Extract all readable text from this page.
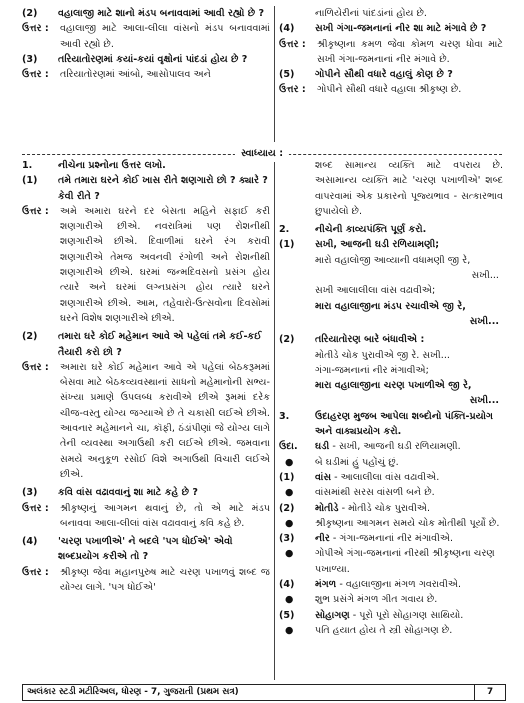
(2)	વહાલાજી માટે શાનો મંડપ બનાવવામાં આવી રહ્યો છે ?
ઉત્તર :	વહાલાજી માટે આલા-લીલા વાંસનો મંડપ બનાવવામાં આવી રહ્યો છે.
(3)	તરિયાતોરણમાં કયાં-કયાં વૃક્ષોનાં પાંદડાં હોય છે ?
ઉત્તર :	તરિયાતોરણમાં આંબો, આસોપાલવ અને
નાળિયેરીનાં પાંદડાંનાં હોય છે.
(4)	સખી ગંગા-જમનાનાં નીર શા માટે મંગાવે છે ?
ઉત્તર :	શ્રીકૃષ્ણના કમળ જેવા કોમળ ચરણ ધોવા માટે સખી ગંગા-જમનાનાં નીર મંગાવે છે.
(5)	ગોપીને સૌથી વધારે વહાલું કોણ છે ?
ઉત્તર :	ગોપીને સૌથી વધારે વહાલા શ્રીકૃષ્ણ છે.
સ્વાધ્યાય :
1.	નીચેના પ્રશ્નોના ઉત્તર લખો.
(1)	તમે તમારા ઘરને કોઈ ખાસ રીતે શણગારો છો ? ક્યારે ? કેવી રીતે ?
ઉત્તર :	અમે અમારા ઘરને દર બેસતા મહિને સફાઈ કરી શણગારીએ છીએ. નવરાત્રિમાં પણ રોશનીથી શણગારીએ છીએ. દિવાળીમાં ઘરને રંગ કરાવી શણગારીએ તેમજ અવનવી રંગોળી અને રોશનીથી શણગારીએ છીએ. ઘરમાં જન્મદિવસનો પ્રસંગ હોય ત્યારે અને ઘરમાં લગ્નપ્રસંગ હોય ત્યારે ઘરને શણગારીએ છીએ. આમ, તહેવારો-ઉત્સવોના દિવસોમાં ઘરને વિશેષ શણગારીએ છીએ.
(2)	તમારા ઘરે કોઈ મહેમાન આવે એ પહેલાં તમે કઈ-કઈ તૈયારી કરો છો ?
ઉત્તર :	અમારા ઘરે કોઈ મહેમાન આવે એ પહેલાં બેઠકરૂમમાં બેસવા માટે બેઠકવ્યવસ્થાનાં સાધનો મહેમાનોની સભ્ય-સંખ્યા પ્રમાણે ઉપલબ્ધ કરાવીએ છીએ રૂમમાં દરેક ચીજ-વસ્તુ યોગ્ય જગ્યાએ છે તે ચકાસી લઈએ છીએ. આવનાર મહેમાનને ચા, કૉફી, ઠંડાંપીણાં જે યોગ્ય લાગે તેની વ્યવસ્થા અગાઉથી કરી લઈએ છીએ. જમવાના સમયે અનુકૂળ રસોઈ વિશે અગાઉથી વિચારી લઈએ છીએ.
(3)	કવિ વાંસ વઢાવવાનું શા માટે કહે છે ?
ઉત્તર :	શ્રીકૃષ્ણનું આગમન થવાનું છે, તો એ માટે મંડપ બનાવવા આલા-લીલાં વાંસ વઢાવવાનું કવિ કહે છે.
(4)	'ચરણ પખાળીએ' ને બદલે 'પગ ધોઈએ' એવો શબ્દપ્રયોગ કરીએ તો ?
ઉત્તર :	શ્રીકૃષ્ણ જેવા મહાનપુરુષ માટે ચરણ પખાળવું શબ્દ જ યોગ્ય લાગે. 'પગ ધોઈએ'
શબ્દ સામાન્ય વ્યક્તિ માટે વપરાય છે. અસામાન્ય વ્યક્તિ માટે 'ચરણ પખાળીએ' શબ્દ વાપરવામાં એક પ્રકારનો પૂજ્યભાવ - સત્કારભાવ છુપાયેલો છે.
2.	નીચેની કાવ્યપંક્તિ પૂર્ણ કરો.
(1)	સખી, આજની ઘડી રળિયામણી;
મારો વહાલોજી આવ્યાની વધામણી જી રે,
સખી...
સખી આલાલીલા વાંસ વઢાવીએ;
મારા વહાલાજીના મંડપ રચાવીએ જી રે,
સખી...
(2)	તરિયાતોરણ બારે બંધાવીએ :
મોતીડે ચોક પુરાવીએ જી રે. સખી...
ગંગા-જમનાનાં નીર મંગાવીએ;
મારા વહાલાજીના ચરણ પખાળીએ જી રે,
સખી...
3.	ઉદાહરણ મુજબ આપેલા શબ્દોનો પંક્તિ-પ્રયોગ અને વાક્યપ્રયોગ કરો.
ઉદા.	ઘડી - સખી, આજની ઘડી રળિયામણી.
●	બે ઘડીમાં હું પહોંચું છું.
(1)	વાંસ - આલાલીલા વાંસ વઢાવીએ.
●	વાંસમાંથી સરસ વાંસળી બને છે.
(2)	મોતીડે - મોતીડે ચોક પુરાવીએ.
●	શ્રીકૃષ્ણના આગમન સમયે ચોક મોતીથી પૂર્યો છે.
(3)	નીર - ગંગા-જમનાનાં નીર મંગાવીએ.
●	ગોપીએ ગંગા-જમનાનાં નીરથી શ્રીકૃષ્ણના ચરણ પખાળ્યા.
(4)	મંગળ - વહાલાજીના મંગળ ગવરાવીએ.
●	શુભ પ્રસંગે મંગળ ગીત ગવાય છે.
(5)	સોહાગણ - પૂરો પૂરો સોહાગણ સાથિયો.
●	પતિ હયાત હોય તે સ્ત્રી સોહાગણ છે.
અલંકાર સ્ટડી મટીરિઅલ, ધોરણ - 7, ગુજરાતી (પ્રથમ સત્ર)	7
